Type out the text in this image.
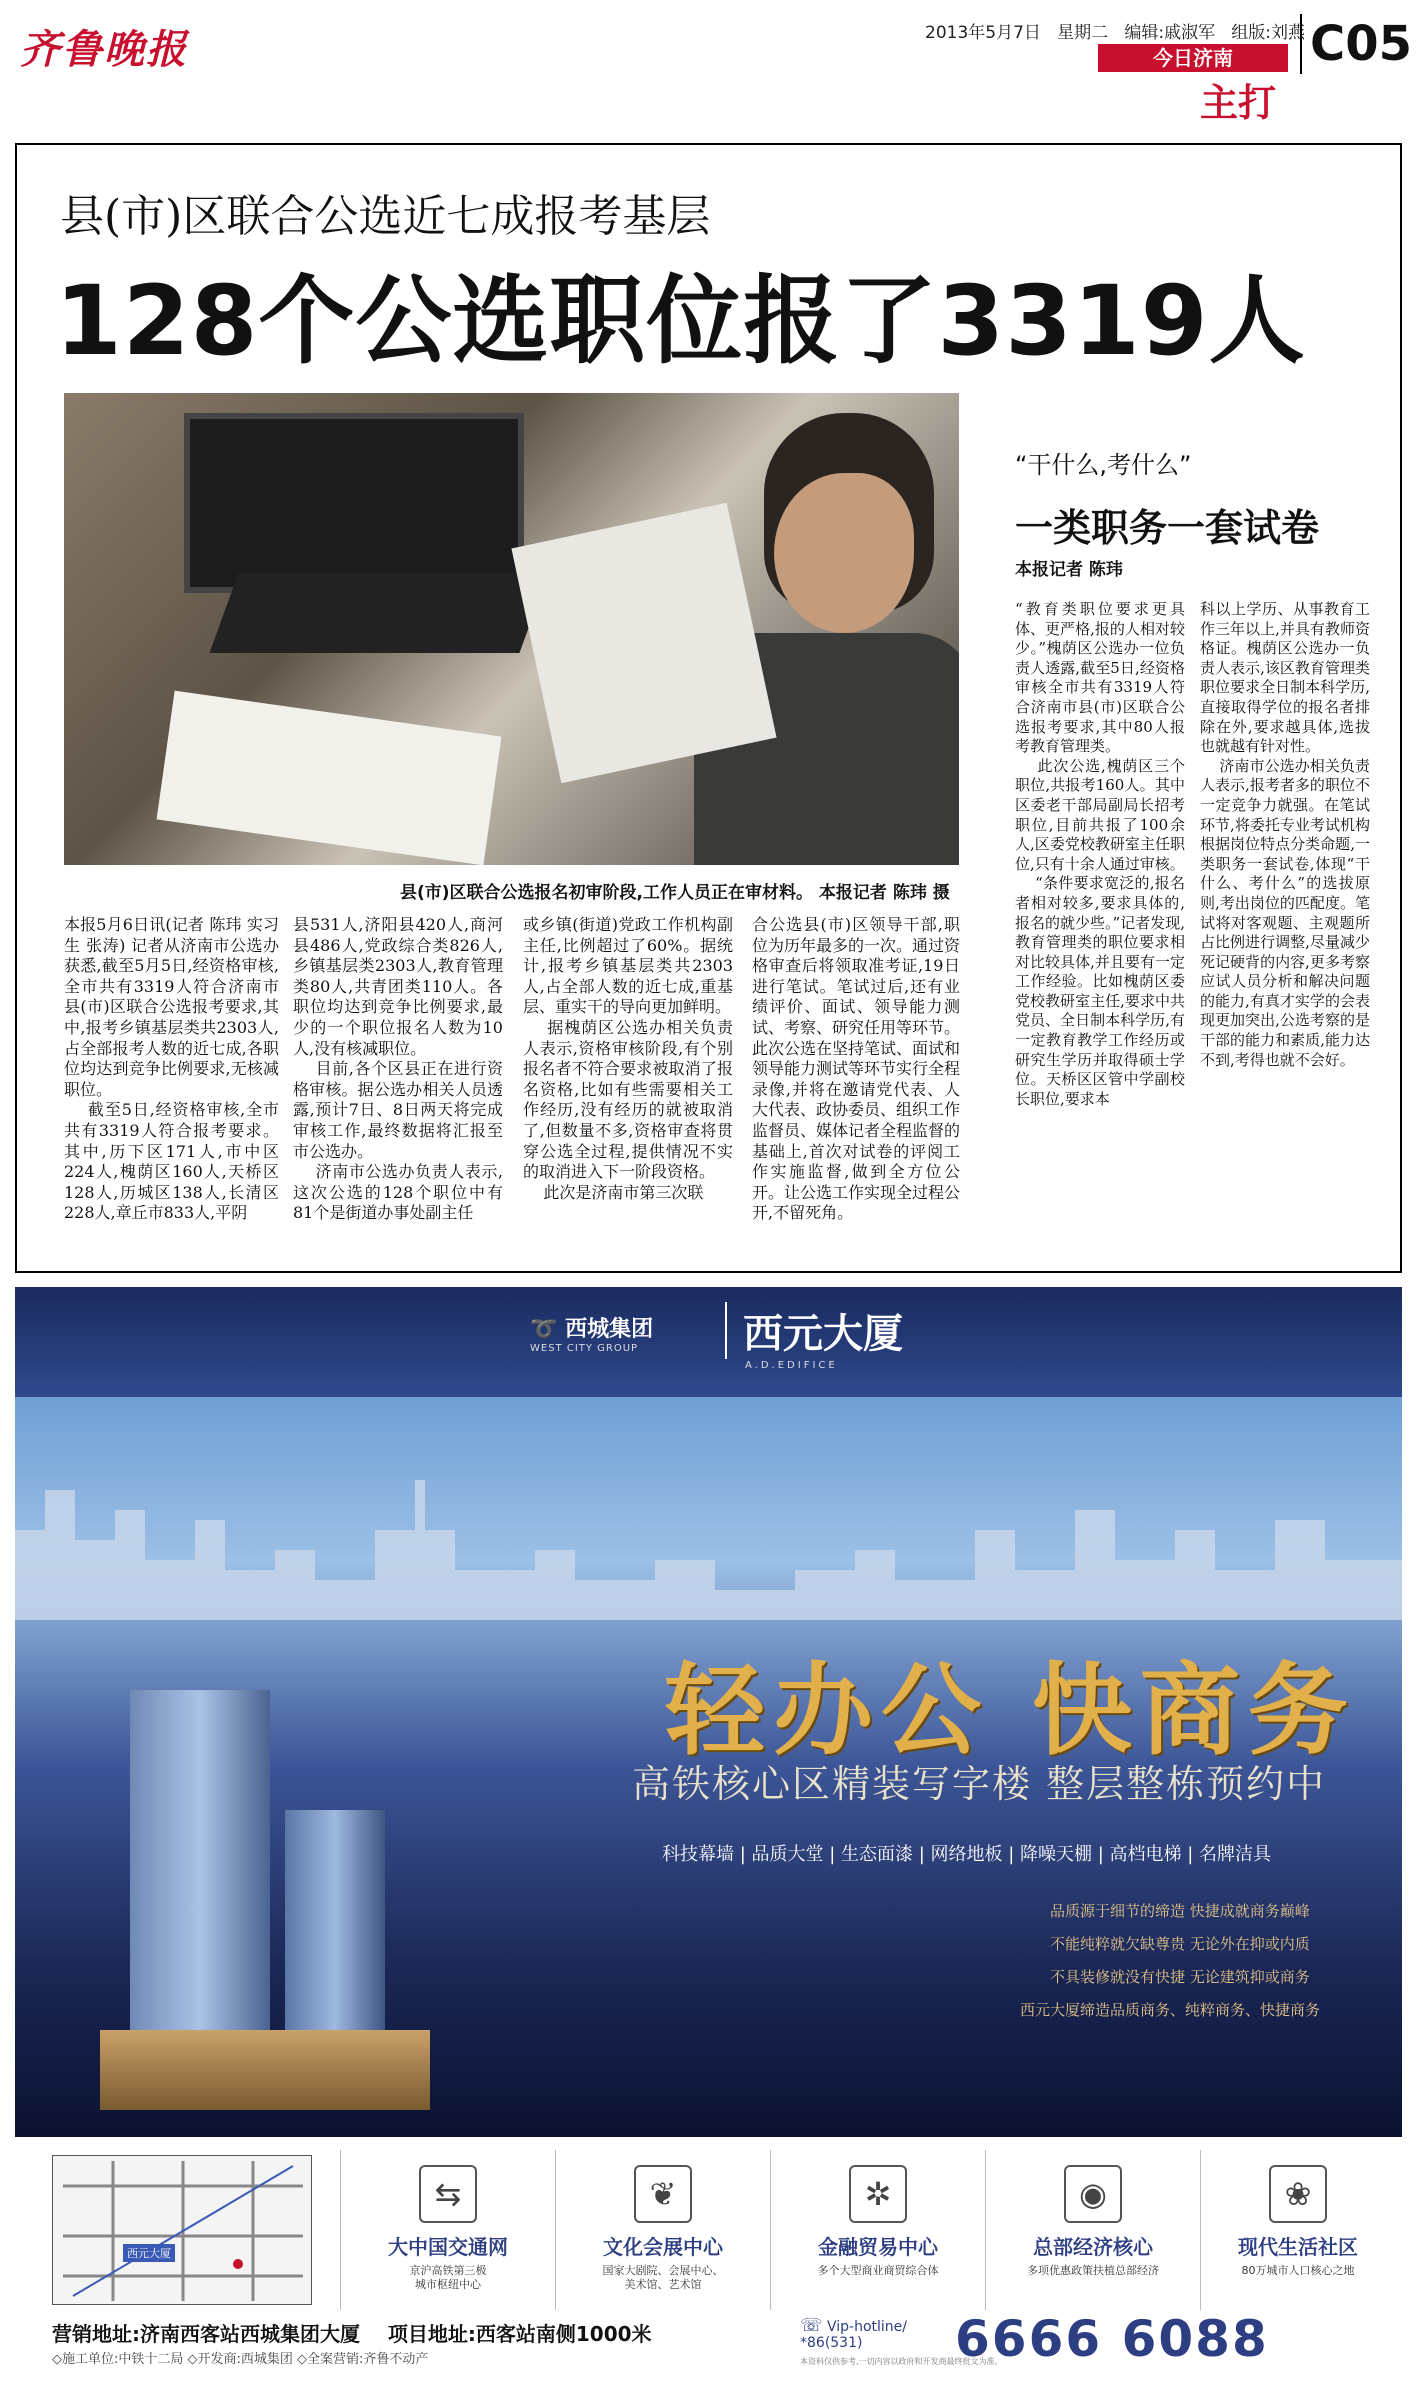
齐鲁晚报	2013年5月7日 星期二 编辑:戚淑军 组版:刘燕 C05
今日济南
主打
县(市)区联合公选近七成报考基层
128个公选职位报了3319人
县(市)区联合公选报名初审阶段,工作人员正在审材料。 本报记者 陈玮 摄
本报5月6日讯(记者 陈玮 实习生 张涛) 记者从济南市公选办获悉,截至5月5日,经资格审核,全市共有3319人符合济南市县(市)区联合公选报考要求,其中,报考乡镇基层类共2303人,占全部报考人数的近七成,各职位均达到竞争比例要求,无核减职位。
截至5日,经资格审核,全市共有3319人符合报考要求。其中,历下区171人,市中区224人,槐荫区160人,天桥区128人,历城区138人,长清区228人,章丘市833人,平阴
县531人,济阳县420人,商河县486人,党政综合类826人,乡镇基层类2303人,教育管理类80人,共青团类110人。各职位均达到竞争比例要求,最少的一个职位报名人数为10人,没有核减职位。
目前,各个区县正在进行资格审核。据公选办相关人员透露,预计7日、8日两天将完成审核工作,最终数据将汇报至市公选办。
济南市公选办负责人表示,这次公选的128个职位中有81个是街道办事处副主任
或乡镇(街道)党政工作机构副主任,比例超过了60%。据统计,报考乡镇基层类共2303人,占全部人数的近七成,重基层、重实干的导向更加鲜明。
据槐荫区公选办相关负责人表示,资格审核阶段,有个别报名者不符合要求被取消了报名资格,比如有些需要相关工作经历,没有经历的就被取消了,但数量不多,资格审查将贯穿公选全过程,提供情况不实的取消进入下一阶段资格。
此次是济南市第三次联
合公选县(市)区领导干部,职位为历年最多的一次。通过资格审查后将领取准考证,19日进行笔试。笔试过后,还有业绩评价、面试、领导能力测试、考察、研究任用等环节。此次公选在坚持笔试、面试和领导能力测试等环节实行全程录像,并将在邀请党代表、人大代表、政协委员、组织工作监督员、媒体记者全程监督的基础上,首次对试卷的评阅工作实施监督,做到全方位公开。让公选工作实现全过程公开,不留死角。
“干什么,考什么”
一类职务一套试卷
本报记者 陈玮
“教育类职位要求更具体、更严格,报的人相对较少。”槐荫区公选办一位负责人透露,截至5日,经资格审核全市共有3319人符合济南市县(市)区联合公选报考要求,其中80人报考教育管理类。
此次公选,槐荫区三个职位,共报考160人。其中区委老干部局副局长招考职位,目前共报了100余人,区委党校教研室主任职位,只有十余人通过审核。
“条件要求宽泛的,报名者相对较多,要求具体的,报名的就少些。”记者发现,教育管理类的职位要求相对比较具体,并且要有一定工作经验。比如槐荫区委党校教研室主任,要求中共党员、全日制本科学历,有一定教育教学工作经历或研究生学历并取得硕士学位。天桥区区管中学副校长职位,要求本
科以上学历、从事教育工作三年以上,并具有教师资格证。槐荫区公选办一负责人表示,该区教育管理类职位要求全日制本科学历,直接取得学位的报名者排除在外,要求越具体,选拔也就越有针对性。
济南市公选办相关负责人表示,报考者多的职位不一定竞争力就强。在笔试环节,将委托专业考试机构根据岗位特点分类命题,一类职务一套试卷,体现“干什么、考什么”的选拔原则,考出岗位的匹配度。笔试将对客观题、主观题所占比例进行调整,尽量减少死记硬背的内容,更多考察应试人员分析和解决问题的能力,有真才实学的会表现更加突出,公选考察的是干部的能力和素质,能力达不到,考得也就不会好。
➰ 西城集团
WEST CITY GROUP	西元大厦
A.D.EDIFICE
轻办公 快商务
高铁核心区精装写字楼 整层整栋预约中
科技幕墙 | 品质大堂 | 生态面漆 | 网络地板 | 降噪天棚 | 高档电梯 | 名牌洁具
品质源于细节的缔造 快捷成就商务巅峰
不能纯粹就欠缺尊贵 无论外在抑或内质
不具装修就没有快捷 无论建筑抑或商务
西元大厦缔造品质商务、纯粹商务、快捷商务
西元大厦
⇆
大中国交通网
京沪高铁第三极
城市枢纽中心
❦
文化会展中心
国家大剧院、会展中心、
美术馆、艺术馆
✲
金融贸易中心
多个大型商业商贸综合体
◉
总部经济核心
多项优惠政策扶植总部经济
❀
现代生活社区
80万城市人口核心之地
营销地址:济南西客站西城集团大厦 项目地址:西客站南侧1000米
◇施工单位:中铁十二局 ◇开发商:西城集团 ◇全案营销:齐鲁不动产
☏ Vip-hotline/
*86(531)	6666 6088
本资料仅供参考,一切内容以政府和开发商最终批文为准。
